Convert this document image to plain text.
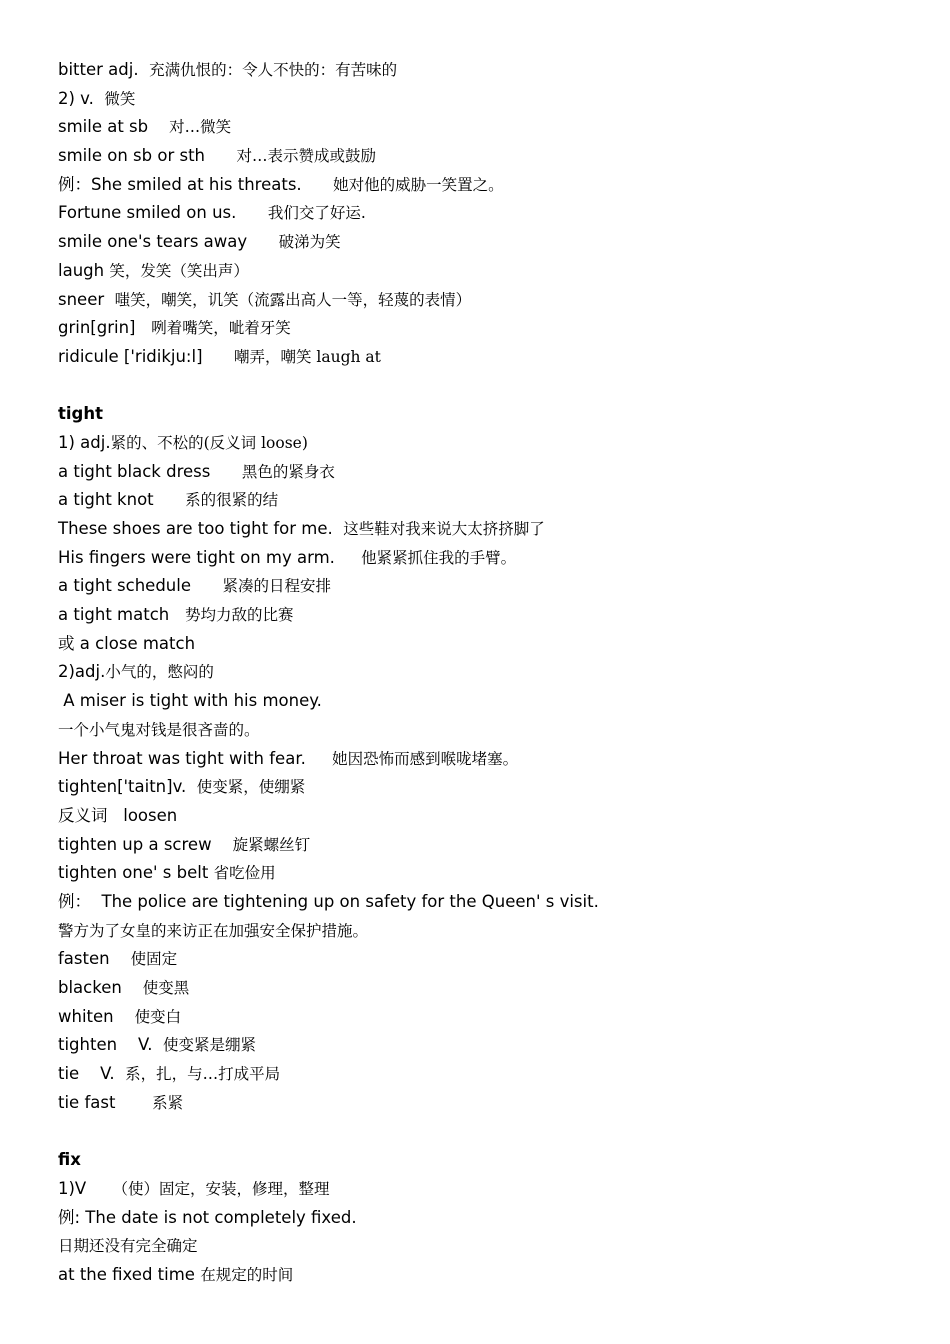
bitter adj.  充满仇恨的：令人不快的：有苦味的
2) v.  微笑
smile at sb    对…微笑
smile on sb or sth      对…表示赞成或鼓励
例：She smiled at his threats.      她对他的威胁一笑置之。
Fortune smiled on us.      我们交了好运.
smile one's tears away      破涕为笑
laugh 笑，发笑（笑出声）
sneer  嗤笑，嘲笑，讥笑（流露出高人一等，轻蔑的表情）
grin[grin]   咧着嘴笑，呲着牙笑
ridicule ['ridikju:l]      嘲弄，嘲笑 laugh at
tight
1) adj.紧的、不松的(反义词 loose)
a tight black dress      黑色的紧身衣
a tight knot      系的很紧的结
These shoes are too tight for me.  这些鞋对我来说大太挤挤脚了
His fingers were tight on my arm.     他紧紧抓住我的手臂。
a tight schedule      紧凑的日程安排
a tight match   势均力敌的比赛
或 a close match
2)adj.小气的，憋闷的
A miser is tight with his money.
一个小气鬼对钱是很吝啬的。
Her throat was tight with fear.     她因恐怖而感到喉咙堵塞。
tighten['taitn]v.  使变紧，使绷紧
反义词   loosen
tighten up a screw    旋紧螺丝钉
tighten one' s belt 省吃俭用
例：  The police are tightening up on safety for the Queen' s visit.
警方为了女皇的来访正在加强安全保护措施。
fasten    使固定
blacken    使变黑
whiten    使变白
tighten    V.  使变紧是绷紧
tie    V.  系，扎，与…打成平局
tie fast       系紧
fix
1)V     （使）固定，安装，修理，整理
例: The date is not completely fixed.
日期还没有完全确定
at the fixed time 在规定的时间
